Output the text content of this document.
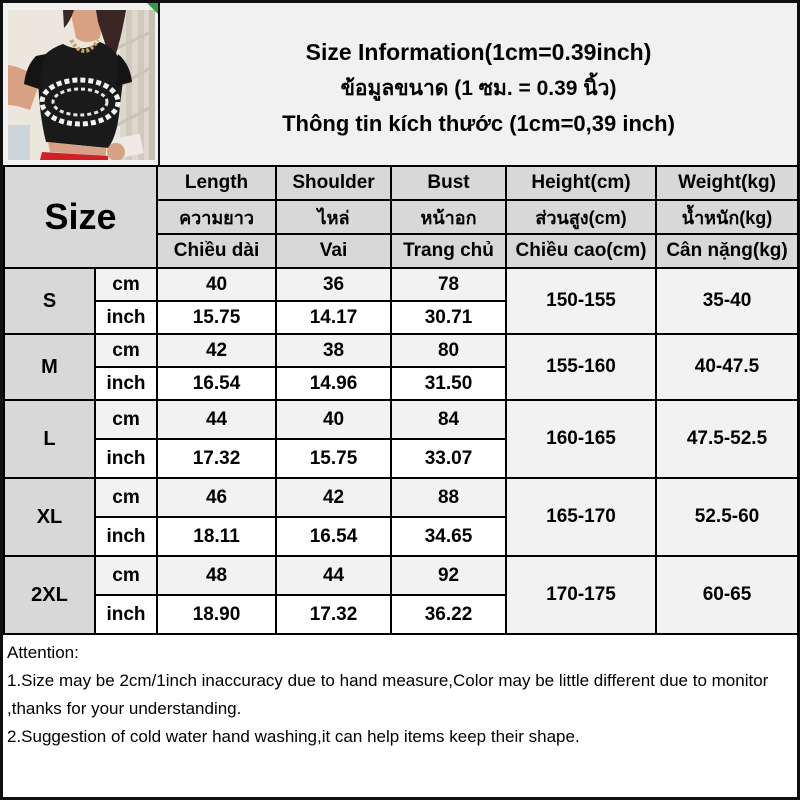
Size Information(1cm=0.39inch)
ข้อมูลขนาด (1 ซม. = 0.39 นิ้ว)
Thông tin kích thước (1cm=0,39 inch)
Size		Length	Shoulder	Bust	Height(cm)	Weight(kg)
		ความยาว	ไหล่	หน้าอก	ส่วนสูง(cm)	น้ำหนัก(kg)
		Chiều dài	Vai	Trang chủ	Chiều cao(cm)	Cân nặng(kg)
S	cm	40	36	78	150-155	35-40
	inch	15.75	14.17	30.71		
M	cm	42	38	80	155-160	40-47.5
	inch	16.54	14.96	31.50		
L	cm	44	40	84	160-165	47.5-52.5
	inch	17.32	15.75	33.07		
XL	cm	46	42	88	165-170	52.5-60
	inch	18.11	16.54	34.65		
2XL	cm	48	44	92	170-175	60-65
	inch	18.90	17.32	36.22		

Attention:

1.Size may be 2cm/1inch inaccuracy due to hand measure,Color may be little different due to monitor ,thanks for your understanding.

2.Suggestion of cold water hand washing,it can help items keep their shape.
